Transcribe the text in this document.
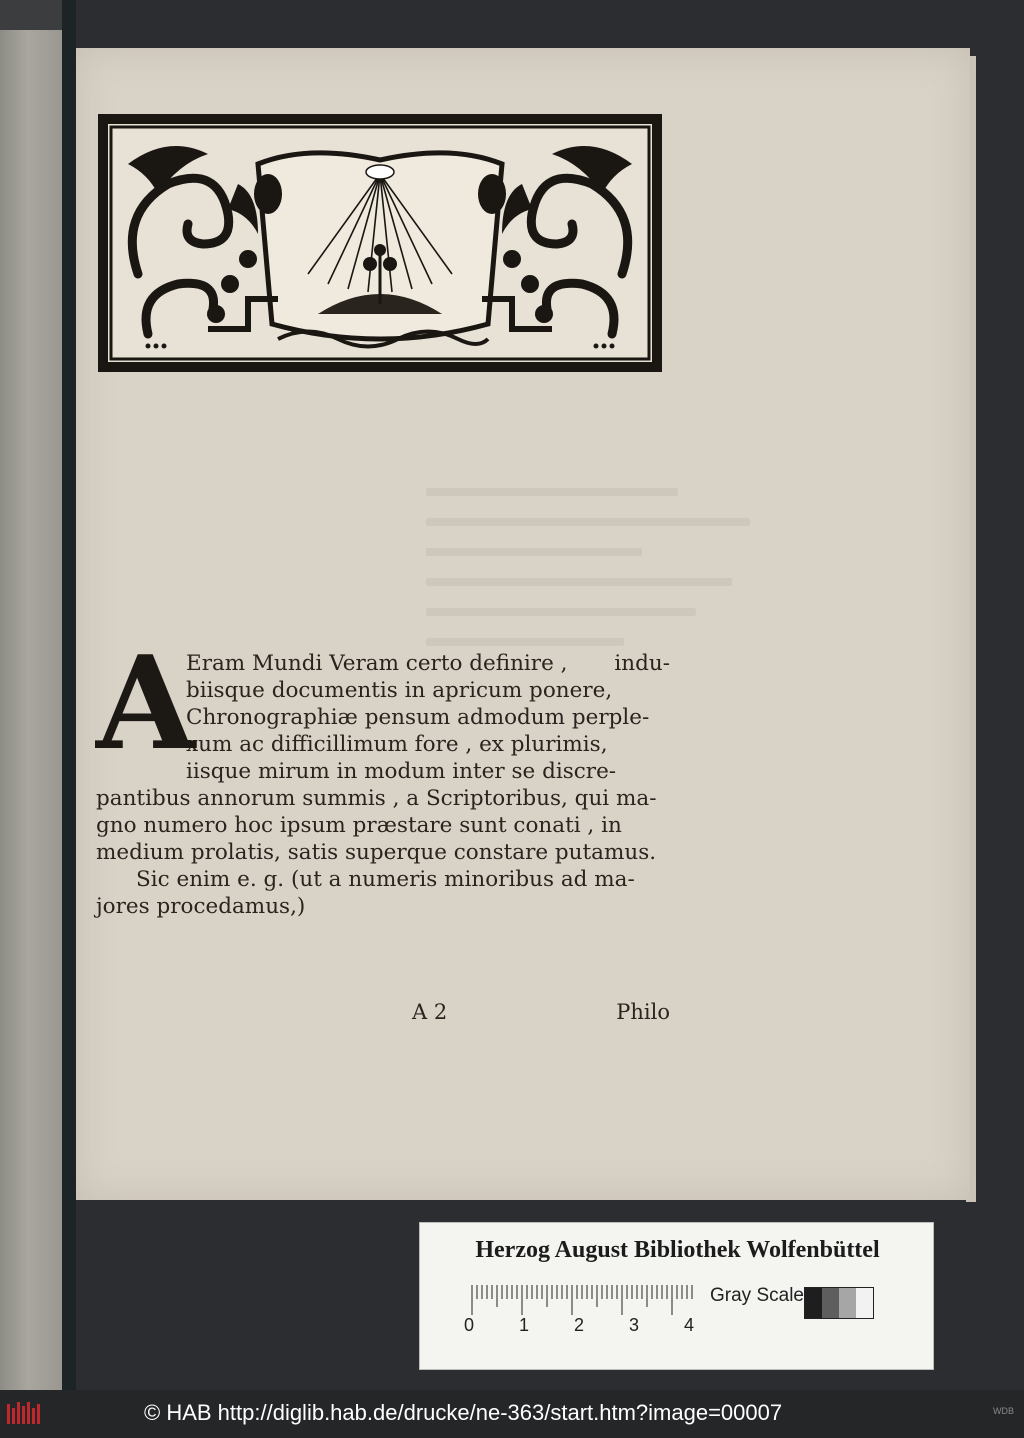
A
Eram Mundi Veram certo definire , indu-
biisque documentis in apricum ponere,
Chronographiæ pensum admodum perple-
xum ac difficillimum fore , ex plurimis,
iisque mirum in modum inter se discre-
pantibus annorum summis , a Scriptoribus, qui ma-
gno numero hoc ipsum præstare sunt conati , in
medium prolatis, satis superque constare putamus.
Sic enim e. g. (ut a numeris minoribus ad ma-
jores procedamus,)
A 2	Philo
Herzog August Bibliothek Wolfenbüttel
0 1 2 3 4
Gray Scale
© HAB http://diglib.hab.de/drucke/ne-363/start.htm?image=00007	WDB
